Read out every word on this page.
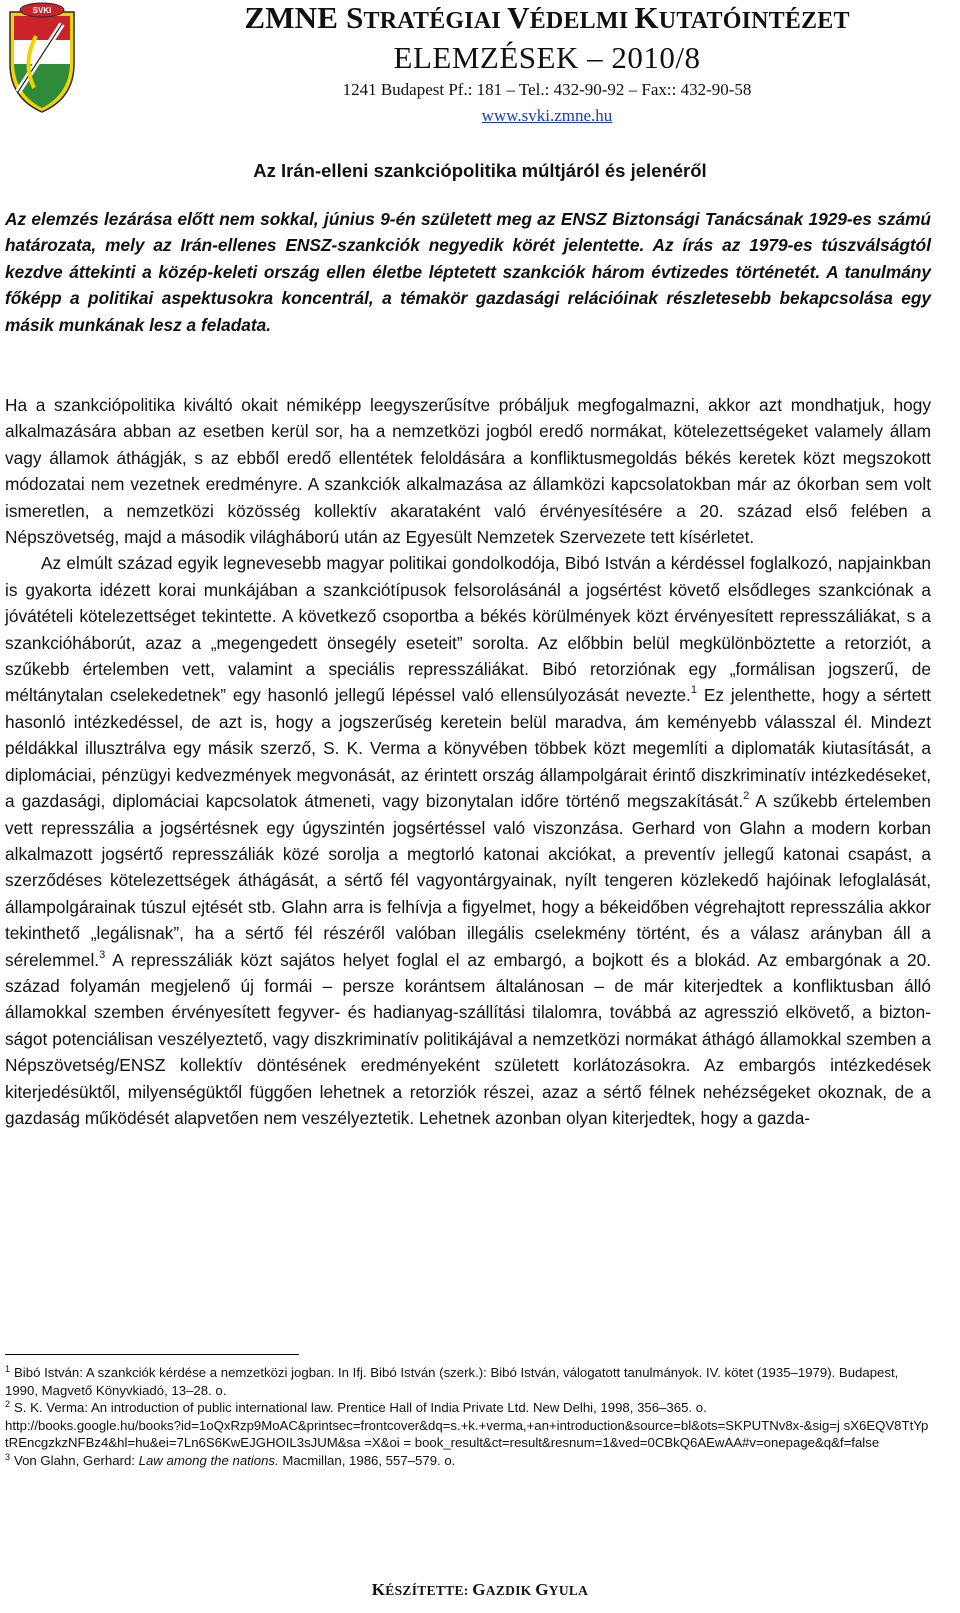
SVKI	ZMNE STRATÉGIAI VÉDELMI KUTATÓINTÉZET
ELEMZÉSEK – 2010/8
1241 Budapest Pf.: 181 – Tel.: 432-90-92 – Fax:: 432-90-58
www.svki.zmne.hu
Az Irán-elleni szankciópolitika múltjáról és jelenéről

Az elemzés lezárása előtt nem sokkal, június 9-én született meg az ENSZ Biztonsági Tanácsának 1929-es számú határozata, mely az Irán-ellenes ENSZ-szankciók negyedik körét jelentette. Az írás az 1979-es túszválságtól kezdve áttekinti a közép-keleti ország ellen életbe léptetett szankciók három évtizedes történetét. A tanulmány főképp a politikai aspektusokra koncentrál, a témakör gazdasági relációinak részletesebb bekapcsolása egy másik munkának lesz a feladata.

Ha a szankciópolitika kiváltó okait némiképp leegyszerűsítve próbáljuk megfogalmazni, akkor azt mondhatjuk, hogy alkalmazására abban az esetben kerül sor, ha a nemzetközi jogból eredő normákat, kötelezettségeket valamely állam vagy államok áthágják, s az ebből eredő ellentétek feloldására a konfliktusmegoldás békés keretek közt megszokott módozatai nem vezetnek eredményre. A szankciók alkalmazása az államközi kapcsolatokban már az ókorban sem volt ismeretlen, a nemzetközi közösség kollektív akarataként való érvényesítésére a 20. század első felében a Népszövetség, majd a második világháború után az Egyesült Nemzetek Szervezete tett kísérletet.

Az elmúlt század egyik legnevesebb magyar politikai gondolkodója, Bibó István a kérdéssel foglalkozó, napjainkban is gyakorta idézett korai munkájában a szankciótípusok felsorolásánál a jogsértést követő elsődleges szankciónak a jóvátételi kötelezettséget tekintette. A következő csoportba a békés körülmények közt érvényesített represszáliákat, s a szankcióháborút, azaz a „megengedett önsegély eseteit” sorolta. Az előbbin belül megkülönböztette a retorziót, a szűkebb értelemben vett, valamint a speciális represszáliákat. Bibó retorziónak egy „formálisan jogszerű, de méltánytalan cselekedetnek” egy hasonló jellegű lépéssel való ellensúlyozását nevezte.$^1$ Ez jelenthette, hogy a sértett hasonló intézkedéssel, de azt is, hogy a jogszerűség keretein belül maradva, ám keményebb válasszal él. Mindezt példákkal illusztrálva egy másik szerző, S. K. Verma a könyvében többek közt megemlíti a diplomaták kiutasítását, a diplomáciai, pénzügyi kedvezmények megvonását, az érintett ország állampolgárait érintő diszkriminatív intézkedéseket, a gazdasági, diplomáciai kapcsolatok átmeneti, vagy bizonytalan időre történő megszakítását.$^2$ A szűkebb értelemben vett represszália a jogsértésnek egy úgyszintén jogsértéssel való viszonzása. Gerhard von Glahn a modern korban alkalmazott jogsértő represszáliák közé sorolja a megtorló katonai akciókat, a preventív jellegű katonai csapást, a szerződéses kötelezettségek áthágását, a sértő fél vagyontárgyainak, nyílt tengeren közlekedő hajóinak lefoglalását, állampolgárainak túszul ejtését stb. Glahn arra is felhívja a figyelmet, hogy a békeidőben végrehajtott represszália akkor tekinthető „legálisnak”, ha a sértő fél részéről valóban illegális cselekmény történt, és a válasz arányban áll a sérelemmel.$^3$ A represszáliák közt sajátos helyet foglal el az embargó, a bojkott és a blokád. Az embargónak a 20. század folyamán megjelenő új formái – persze korántsem általánosan – de már kiterjedtek a konfliktusban álló államokkal szemben érvényesített fegyver- és hadianyag-szállítási tilalomra, továbbá az agresszió elkövető, a biztonságot potenciálisan veszélyeztető, vagy diszkriminatív politikájával a nemzetközi normákat áthágó államokkal szemben a Népszövetség/ENSZ kollektív döntésének eredményeként született korlátozásokra. Az embargós intézkedések kiterjedésüktől, milyenségüktől függően lehetnek a retorziók részei, azaz a sértő félnek nehézségeket okoznak, de a gazdaság működését alapvetően nem veszélyeztetik. Lehetnek azonban olyan kiterjedtek, hogy a gazda-

$^1$ Bibó István: A szankciók kérdése a nemzetközi jogban. In Ifj. Bibó István (szerk.): Bibó István, válogatott tanulmányok. IV. kötet (1935–1979). Budapest, 1990, Magvető Könyvkiadó, 13–28. o.

$^2$ S. K. Verma: An introduction of public international law. Prentice Hall of India Private Ltd. New Delhi, 1998, 356–365. o.
http://books.google.hu/books?id=1oQxRzp9MoAC&printsec=frontcover&dq=s.+k.+verma,+an+introduction&source=bl&ots=SKPUTNv8x-&sig=j sX6EQV8TtYptREncgzkzNFBz4&hl=hu&ei=7Ln6S6KwEJGHOIL3sJUM&sa =X&oi = book_result&ct=result&resnum=1&ved=0CBkQ6AEwAA#v=onepage&q&f=false

$^3$ Von Glahn, Gerhard: Law among the nations. Macmillan, 1986, 557–579. o.

KÉSZÍTETTE: GAZDIK GYULA
